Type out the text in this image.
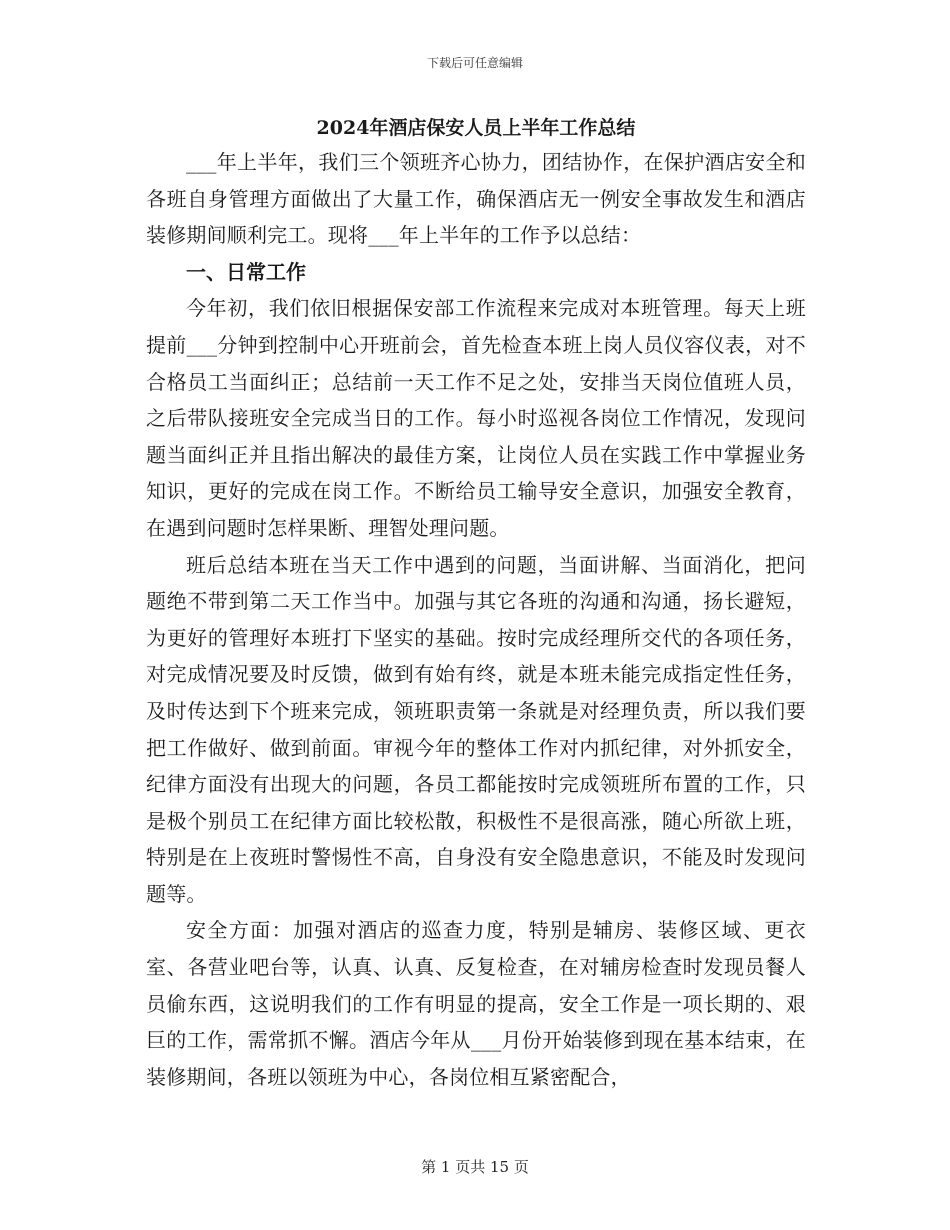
下载后可任意编辑
2024年酒店保安人员上半年工作总结

___年上半年，我们三个领班齐心协力，团结协作，在保护酒店安全和各班自身管理方面做出了大量工作，确保酒店无一例安全事故发生和酒店装修期间顺利完工。现将___年上半年的工作予以总结：

一、日常工作

今年初，我们依旧根据保安部工作流程来完成对本班管理。每天上班提前___分钟到控制中心开班前会，首先检查本班上岗人员仪容仪表，对不合格员工当面纠正；总结前一天工作不足之处，安排当天岗位值班人员，之后带队接班安全完成当日的工作。每小时巡视各岗位工作情况，发现问题当面纠正并且指出解决的最佳方案，让岗位人员在实践工作中掌握业务知识，更好的完成在岗工作。不断给员工输导安全意识，加强安全教育，在遇到问题时怎样果断、理智处理问题。

班后总结本班在当天工作中遇到的问题，当面讲解、当面消化，把问题绝不带到第二天工作当中。加强与其它各班的沟通和沟通，扬长避短，为更好的管理好本班打下坚实的基础。按时完成经理所交代的各项任务，对完成情况要及时反馈，做到有始有终，就是本班未能完成指定性任务，及时传达到下个班来完成，领班职责第一条就是对经理负责，所以我们要把工作做好、做到前面。审视今年的整体工作对内抓纪律，对外抓安全，纪律方面没有出现大的问题，各员工都能按时完成领班所布置的工作，只是极个别员工在纪律方面比较松散，积极性不是很高涨，随心所欲上班，特别是在上夜班时警惕性不高，自身没有安全隐患意识，不能及时发现问题等。

安全方面：加强对酒店的巡查力度，特别是辅房、装修区域、更衣室、各营业吧台等，认真、认真、反复检查，在对辅房检查时发现员餐人员偷东西，这说明我们的工作有明显的提高，安全工作是一项长期的、艰巨的工作，需常抓不懈。酒店今年从___月份开始装修到现在基本结束，在装修期间，各班以领班为中心，各岗位相互紧密配合，

第 1 页共 15 页
